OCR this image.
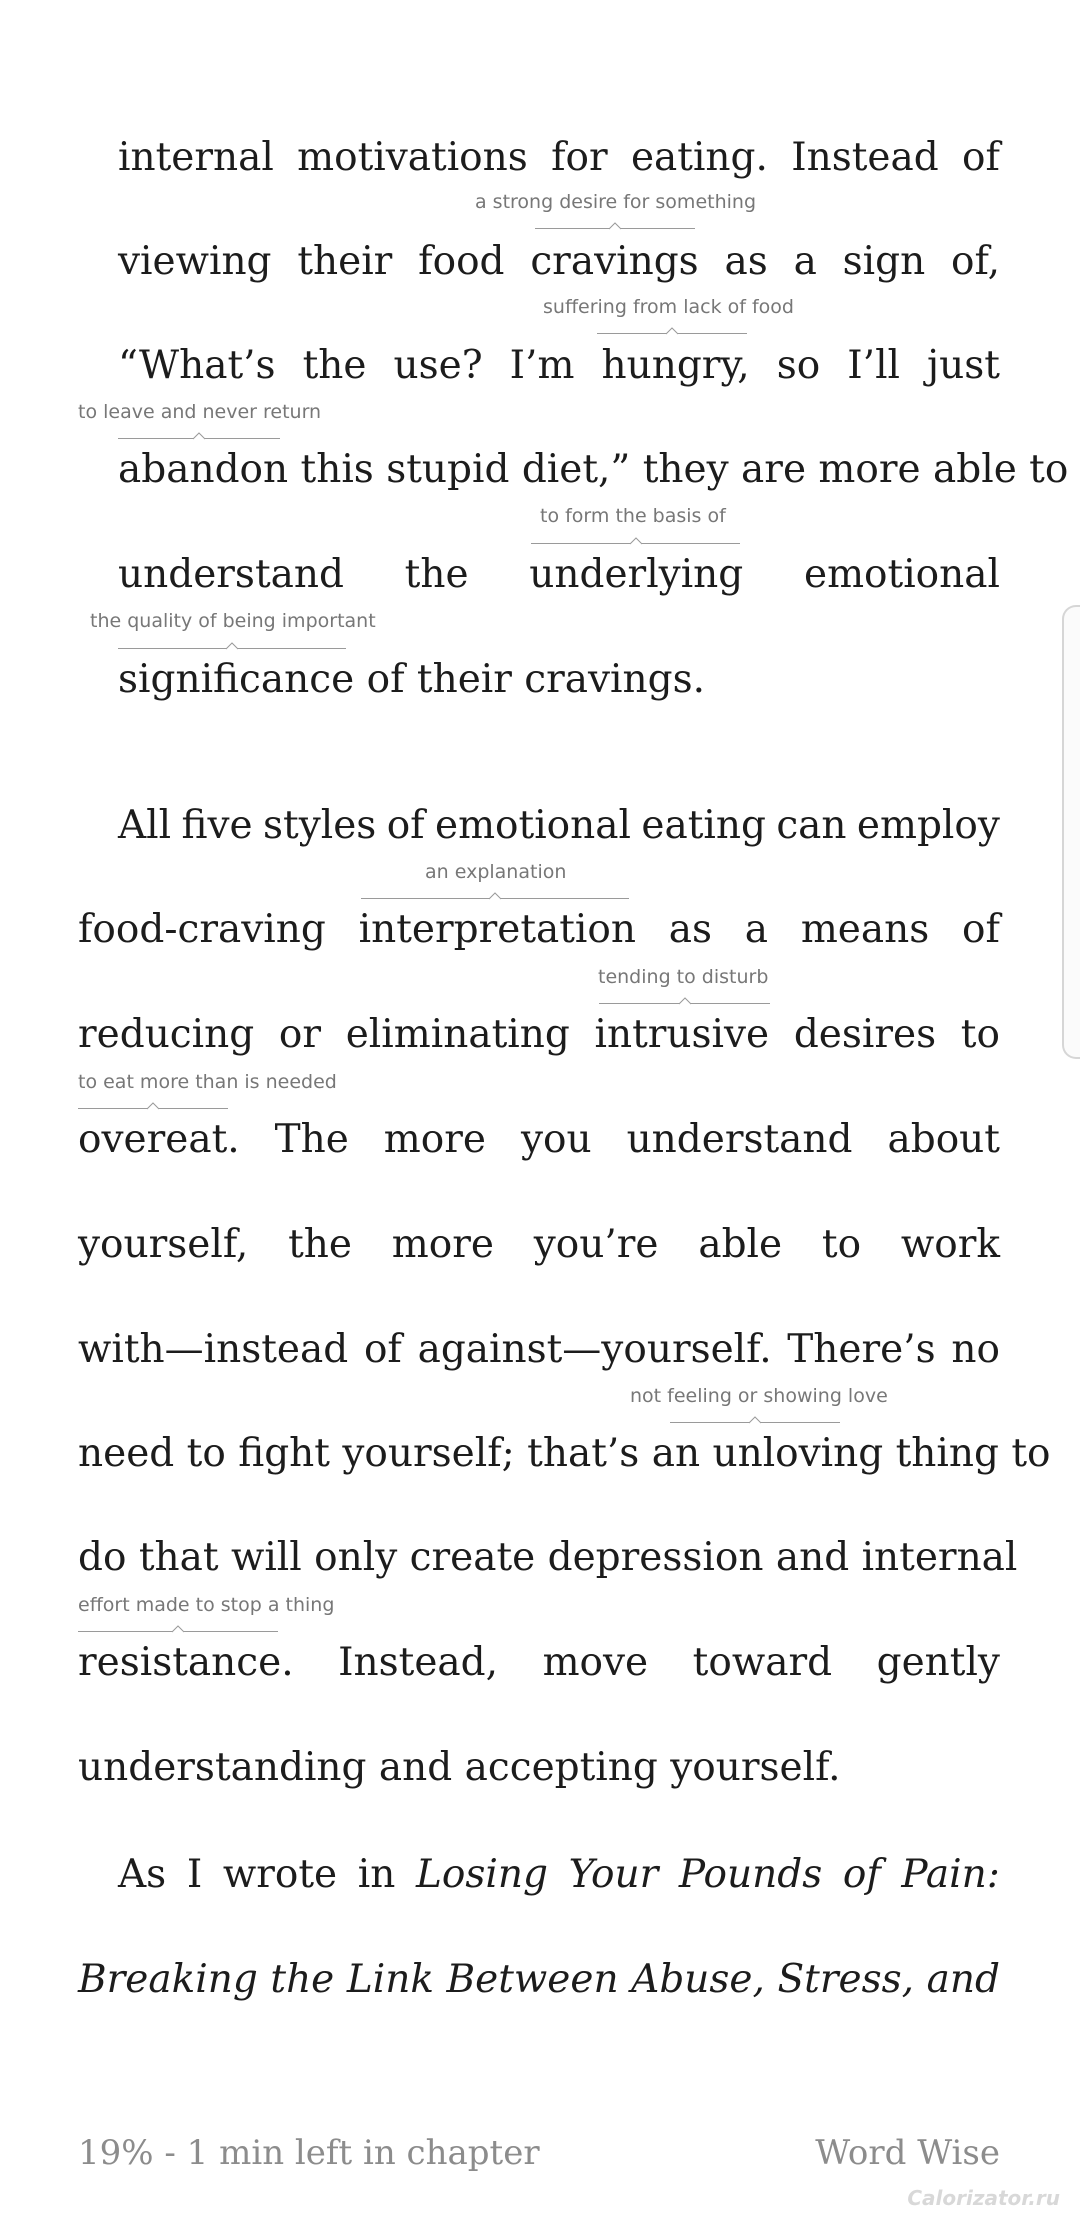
internal motivations for eating. Instead of
viewing their food cravings as a sign of,
“What’s the use? I’m hungry, so I’ll just
abandon this stupid diet,” they are more able to
understand the underlying emotional
significance of their cravings.
All five styles of emotional eating can employ
food-craving interpretation as a means of
reducing or eliminating intrusive desires to
overeat. The more you understand about
yourself, the more you’re able to work
with—instead of against—yourself. There’s no
need to fight yourself; that’s an unloving thing to
do that will only create depression and internal
resistance. Instead, move toward gently
understanding and accepting yourself.
As I wrote in Losing Your Pounds of Pain:
Breaking the Link Between Abuse, Stress, and
a strong desire for something
suffering from lack of food
to leave and never return
to form the basis of
the quality of being important
an explanation
tending to disturb
to eat more than is needed
not feeling or showing love
effort made to stop a thing
19% - 1 min left in chapter	Word Wise
Calorizator.ru
